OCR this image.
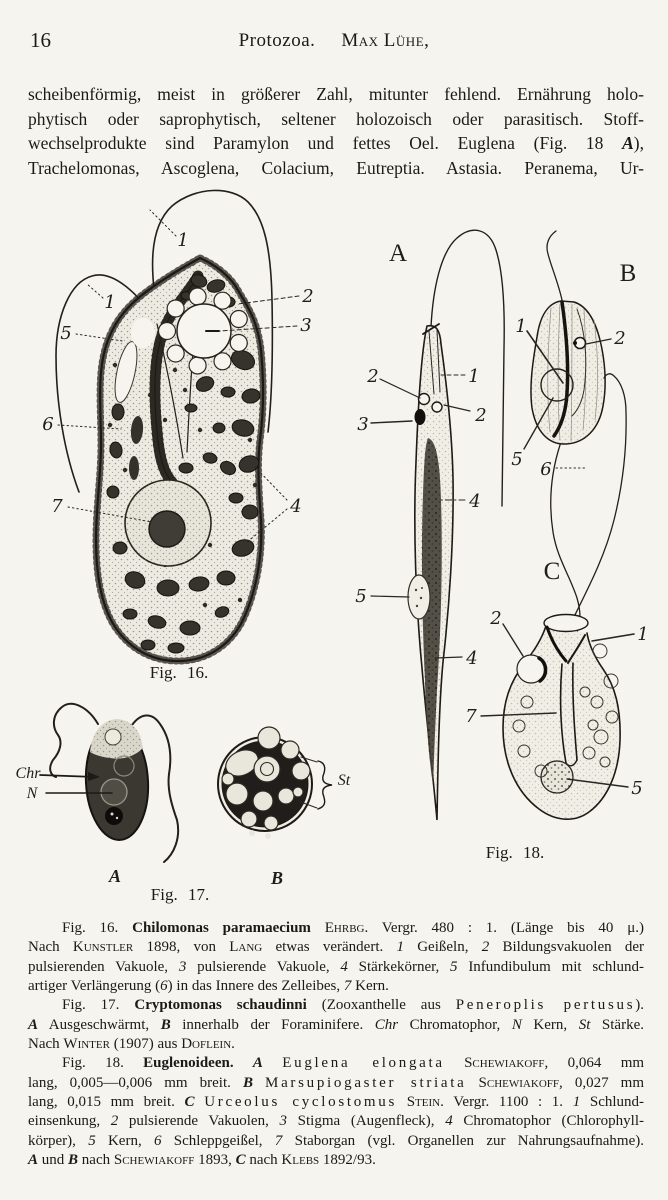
1
1	2
3
5
6
7	4
Chr
N
St
A	B
A
B
C
2
3
1
2
4
5
4
1
2
5 6
2
1
7
5
16	Protozoa. Max Lühe,
scheibenförmig, meist in größerer Zahl, mitunter fehlend. Ernährung holo-
phytisch oder saprophytisch, seltener holozoisch oder parasitisch. Stoff-
wechselprodukte sind Paramylon und fettes Oel. Euglena (Fig. 18 A),
Trachelomonas, Ascoglena, Colacium, Eutreptia. Astasia. Peranema, Ur-
Fig. 16.
Fig. 17.
Fig. 18.
Fig. 16. Chilomonas paramaecium Ehrbg. Vergr. 480 : 1. (Länge bis 40 μ.)
Nach Kunstler 1898, von Lang etwas verändert. 1 Geißeln, 2 Bildungsvakuolen der
pulsierenden Vakuole, 3 pulsierende Vakuole, 4 Stärkekörner, 5 Infundibulum mit schlund-
artiger Verlängerung (6) in das Innere des Zelleibes, 7 Kern.
Fig. 17. Cryptomonas schaudinni (Zooxanthelle aus Peneroplis pertusus).
A Ausgeschwärmt, B innerhalb der Foraminifere. Chr Chromatophor, N Kern, St Stärke.
Nach Winter (1907) aus Doflein.
Fig. 18. Euglenoideen. A Euglena elongata Schewiakoff, 0,064 mm
lang, 0,005—0,006 mm breit. B Marsupiogaster striata Schewiakoff, 0,027 mm
lang, 0,015 mm breit. C Urceolus cyclostomus Stein. Vergr. 1100 : 1. 1 Schlund-
einsenkung, 2 pulsierende Vakuolen, 3 Stigma (Augenfleck), 4 Chromatophor (Chlorophyll-
körper), 5 Kern, 6 Schleppgeißel, 7 Staborgan (vgl. Organellen zur Nahrungsaufnahme).
A und B nach Schewiakoff 1893, C nach Klebs 1892/93.
